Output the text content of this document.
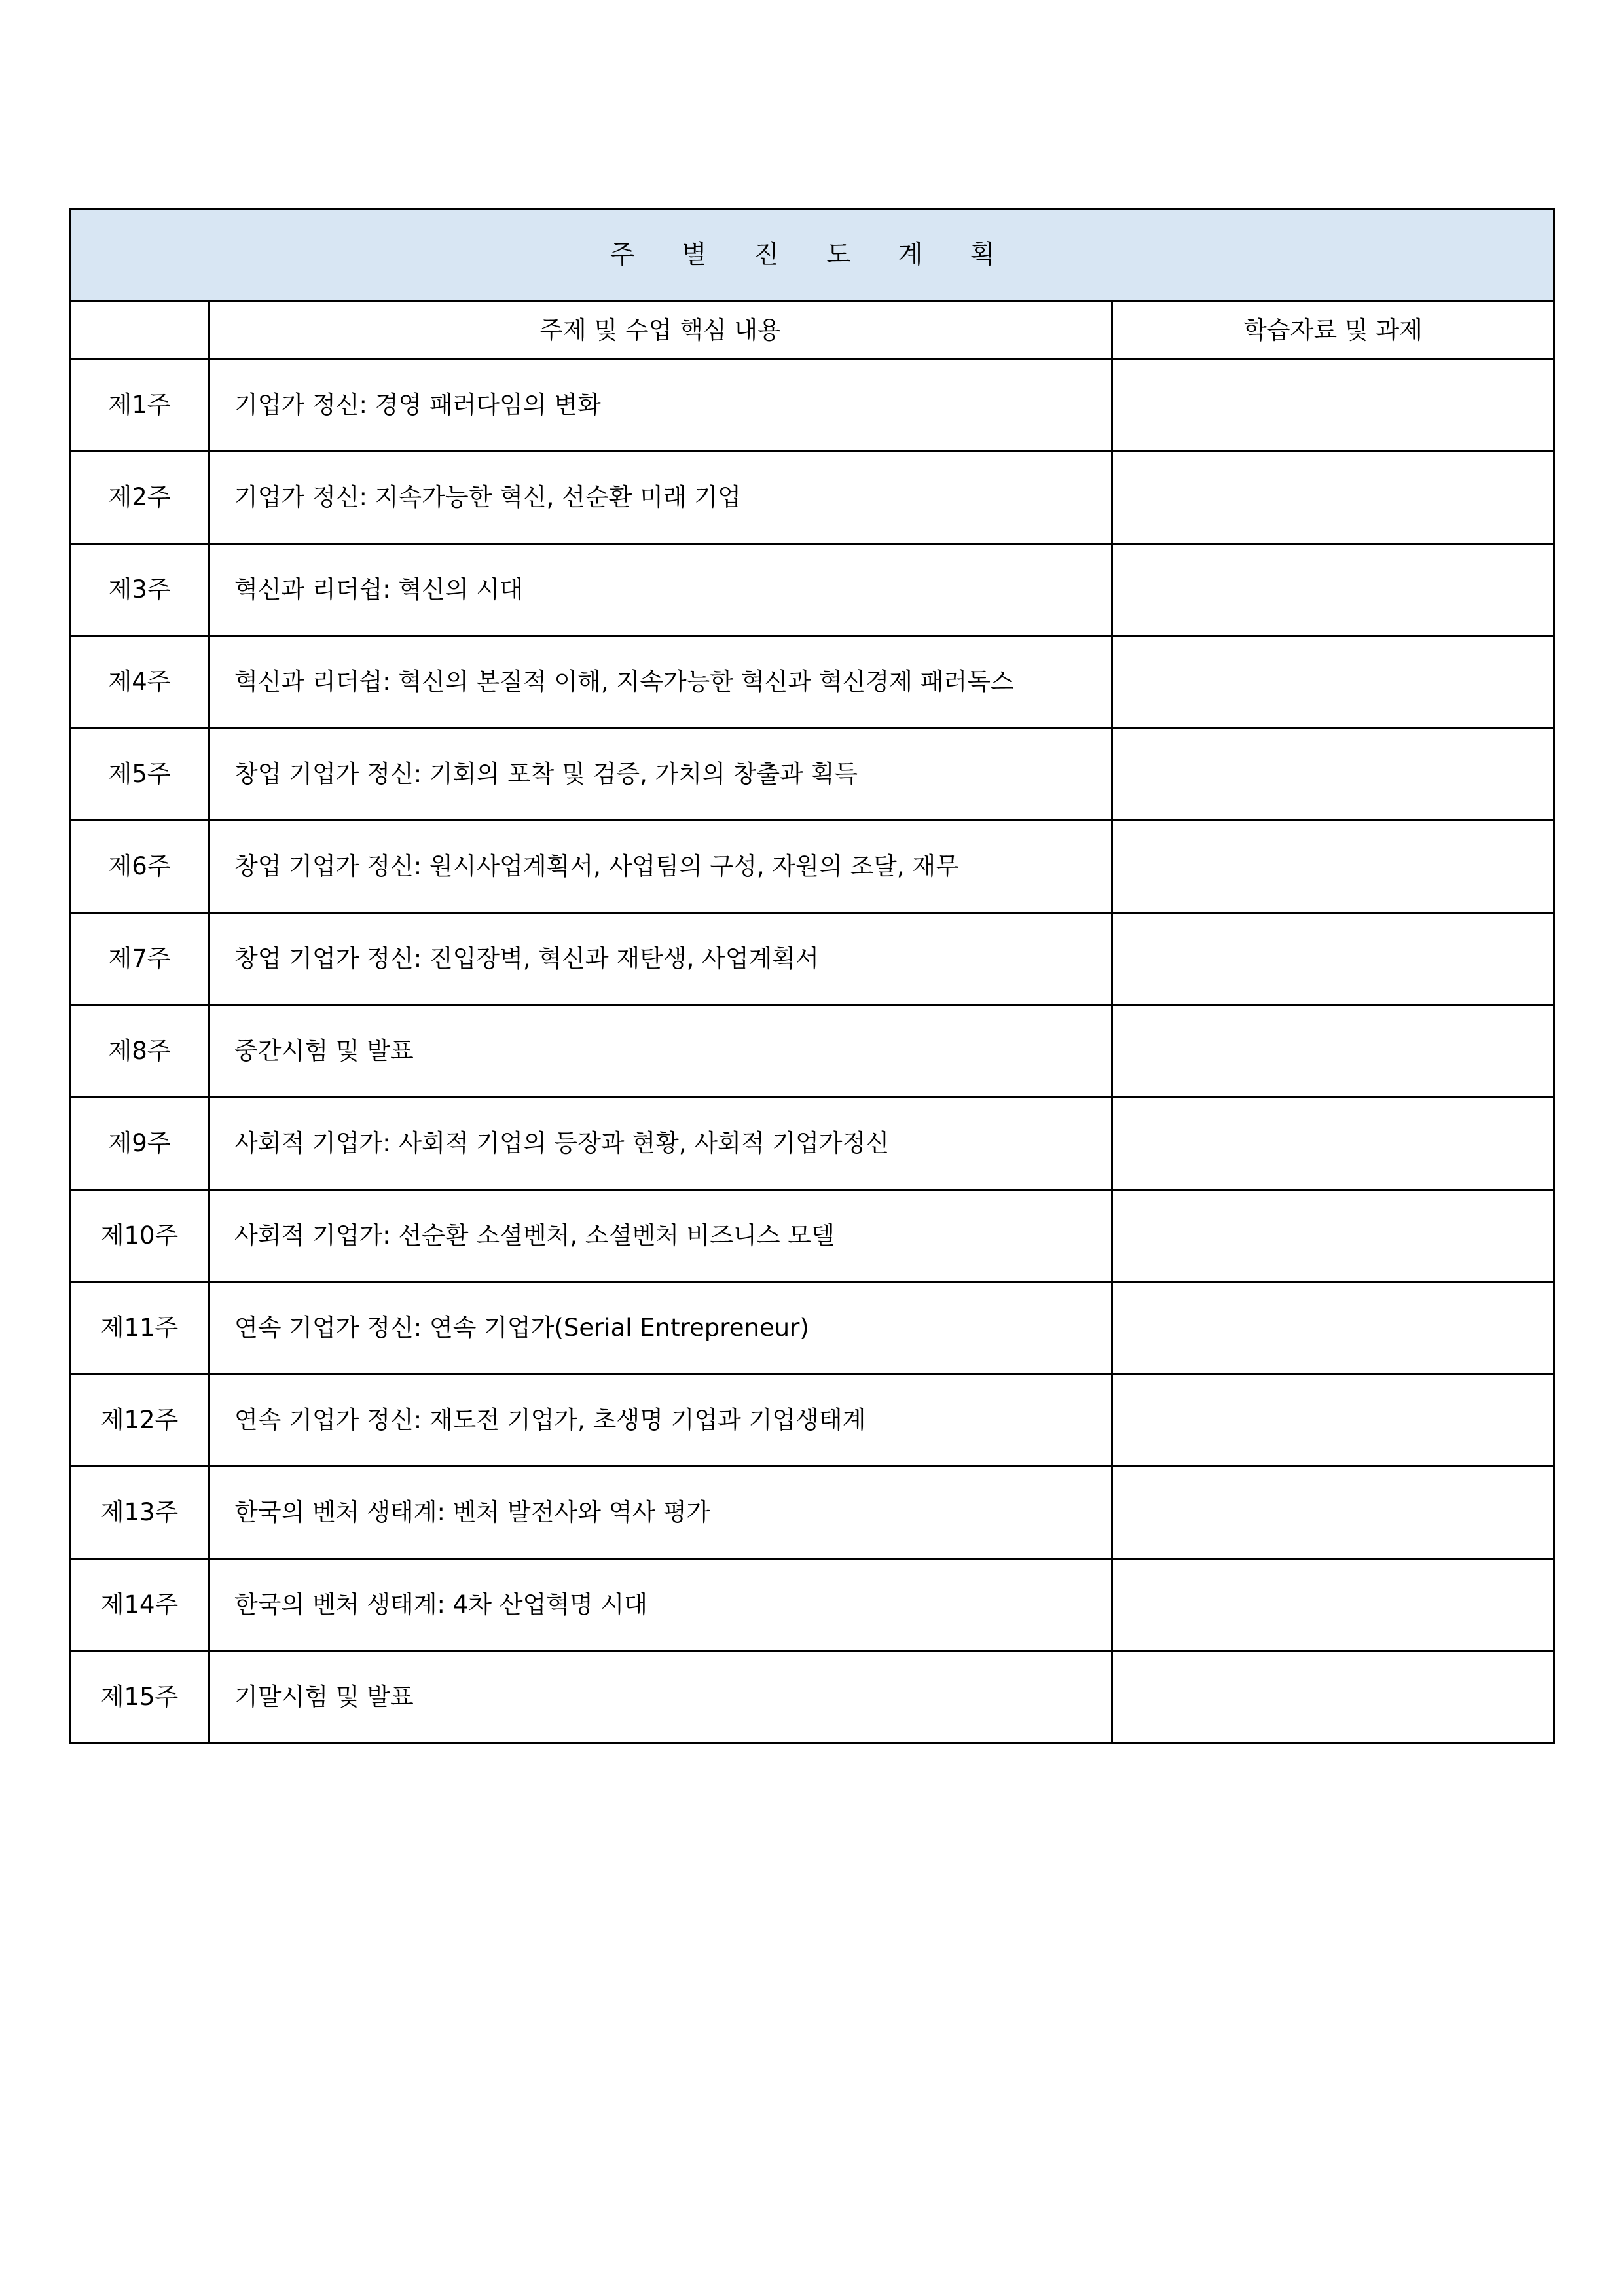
주 별 진 도 계 획		
	주제 및 수업 핵심 내용	학습자료 및 과제
제1주	기업가 정신: 경영 패러다임의 변화	
제2주	기업가 정신: 지속가능한 혁신, 선순환 미래 기업	
제3주	혁신과 리더쉽: 혁신의 시대	
제4주	혁신과 리더쉽: 혁신의 본질적 이해, 지속가능한 혁신과 혁신경제 패러독스	
제5주	창업 기업가 정신: 기회의 포착 및 검증, 가치의 창출과 획득	
제6주	창업 기업가 정신: 원시사업계획서, 사업팀의 구성, 자원의 조달, 재무	
제7주	창업 기업가 정신: 진입장벽, 혁신과 재탄생, 사업계획서	
제8주	중간시험 및 발표	
제9주	사회적 기업가: 사회적 기업의 등장과 현황, 사회적 기업가정신	
제10주	사회적 기업가: 선순환 소셜벤처, 소셜벤처 비즈니스 모델	
제11주	연속 기업가 정신: 연속 기업가(Serial Entrepreneur)	
제12주	연속 기업가 정신: 재도전 기업가, 초생명 기업과 기업생태계	
제13주	한국의 벤처 생태계: 벤처 발전사와 역사 평가	
제14주	한국의 벤처 생태계: 4차 산업혁명 시대	
제15주	기말시험 및 발표	
